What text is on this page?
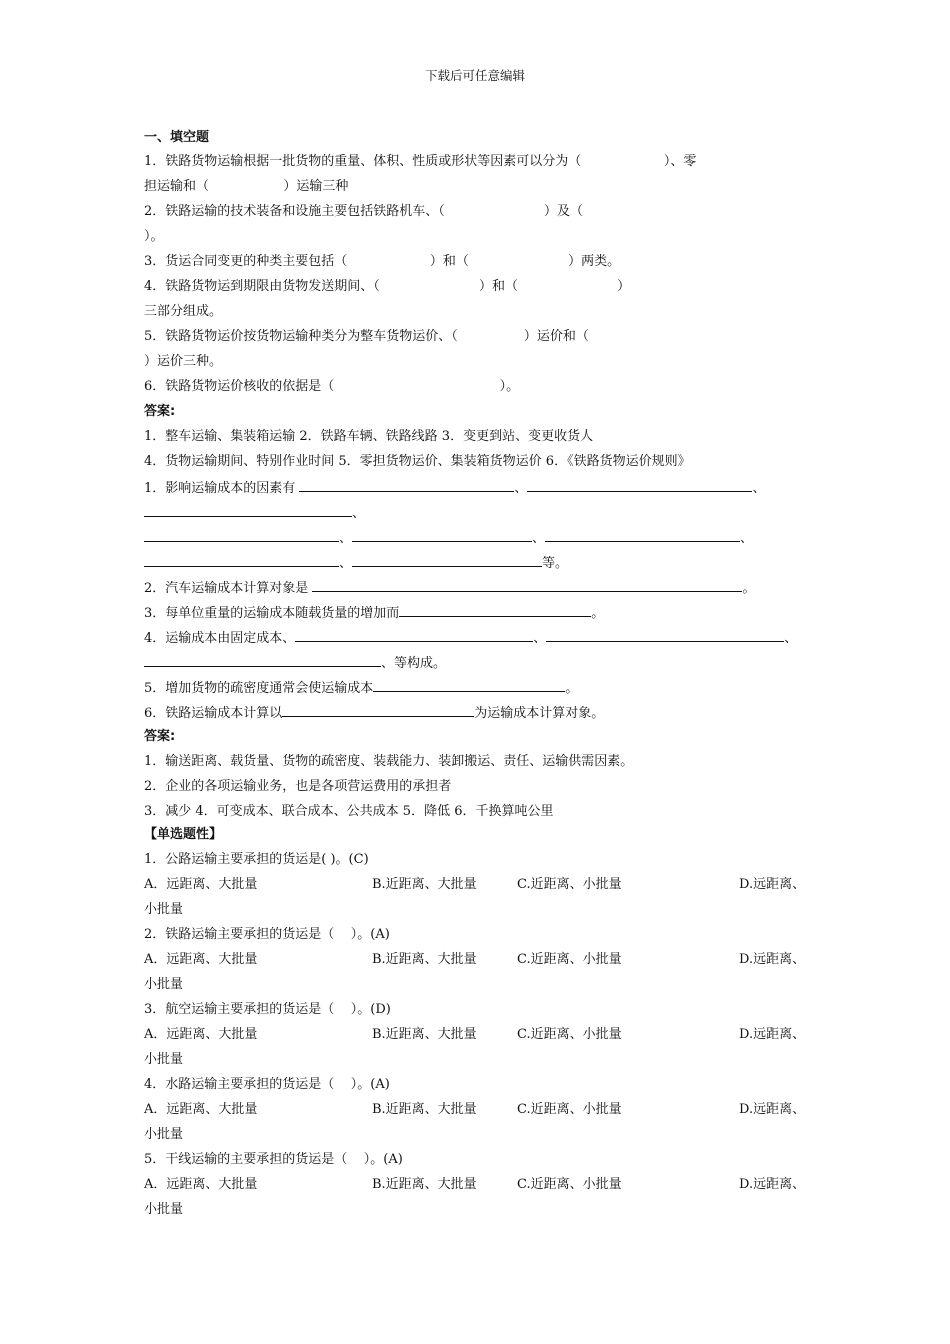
下载后可任意编辑
一、填空题
1．铁路货物运输根据一批货物的重量、体积、性质或形状等因素可以分为（                    ）、零
担运输和（                  ）运输三种
2．铁路运输的技术装备和设施主要包括铁路机车、（                        ）及（
）。
3．货运合同变更的种类主要包括（                    ）和（                        ）两类。
4．铁路货物运到期限由货物发送期间、（                        ）和（                        ）
三部分组成。
5．铁路货物运价按货物运输种类分为整车货物运价、（                ）运价和（
）运价三种。
6．铁路货物运价核收的依据是（                                        ）。
答案:
1．整车运输、集装箱运输 2．铁路车辆、铁路线路 3．变更到站、变更收货人
4．货物运输期间、特别作业时间 5．零担货物运价、集装箱货物运价 6．《铁路货物运价规则》
1．影响运输成本的因素有	、	、
、
、	、	、
、	等。
2．汽车运输成本计算对象是	。
3．每单位重量的运输成本随载货量的增加而	。
4．运输成本由固定成本、	、	、
、等构成。
5．增加货物的疏密度通常会使运输成本	。
6．铁路运输成本计算以	为运输成本计算对象。
答案:
1．输送距离、载货量、货物的疏密度、装载能力、装卸搬运、责任、运输供需因素。
2．企业的各项运输业务，也是各项营运费用的承担者
3．减少 4．可变成本、联合成本、公共成本 5．降低 6．千换算吨公里
【单选题性】
1．公路运输主要承担的货运是( )。(C)
A．远距离、大批量	B.近距离、大批量	C.近距离、小批量	D.远距离、
小批量
2．铁路运输主要承担的货运是（    ）。(A)
A．远距离、大批量	B.近距离、大批量	C.近距离、小批量	D.远距离、
小批量
3．航空运输主要承担的货运是（    ）。(D)
A．远距离、大批量	B.近距离、大批量	C.近距离、小批量	D.远距离、
小批量
4．水路运输主要承担的货运是（    ）。(A)
A．远距离、大批量	B.近距离、大批量	C.近距离、小批量	D.远距离、
小批量
5．干线运输的主要承担的货运是（    ）。(A)
A．远距离、大批量	B.近距离、大批量	C.近距离、小批量	D.远距离、
小批量
